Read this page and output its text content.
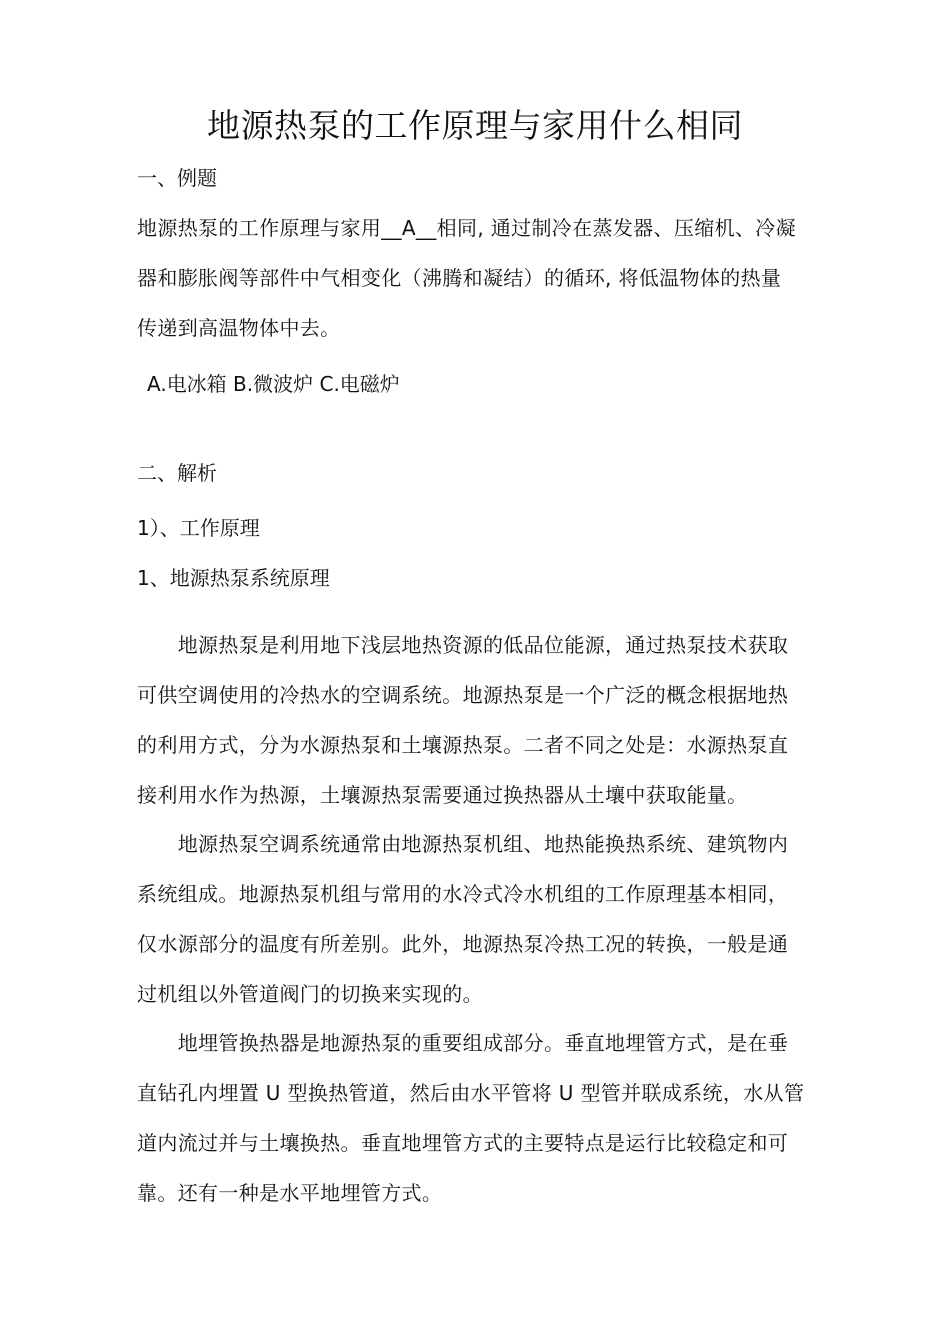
地源热泵的工作原理与家用什么相同
一、例题
地源热泵的工作原理与家用__A__相同, 通过制冷在蒸发器、压缩机、冷凝
器和膨胀阀等部件中气相变化（沸腾和凝结）的循环, 将低温物体的热量
传递到高温物体中去。
A.电冰箱 B.微波炉 C.电磁炉
二、解析
1）、工作原理
1、地源热泵系统原理
　　地源热泵是利用地下浅层地热资源的低品位能源，通过热泵技术获取
可供空调使用的冷热水的空调系统。地源热泵是一个广泛的概念根据地热
的利用方式，分为水源热泵和土壤源热泵。二者不同之处是：水源热泵直
接利用水作为热源，土壤源热泵需要通过换热器从土壤中获取能量。
　　地源热泵空调系统通常由地源热泵机组、地热能换热系统、建筑物内
系统组成。地源热泵机组与常用的水冷式冷水机组的工作原理基本相同，
仅水源部分的温度有所差别。此外，地源热泵冷热工况的转换，一般是通
过机组以外管道阀门的切换来实现的。
　　地埋管换热器是地源热泵的重要组成部分。垂直地埋管方式，是在垂
直钻孔内埋置 U 型换热管道，然后由水平管将 U 型管并联成系统，水从管
道内流过并与土壤换热。垂直地埋管方式的主要特点是运行比较稳定和可
靠。还有一种是水平地埋管方式。
